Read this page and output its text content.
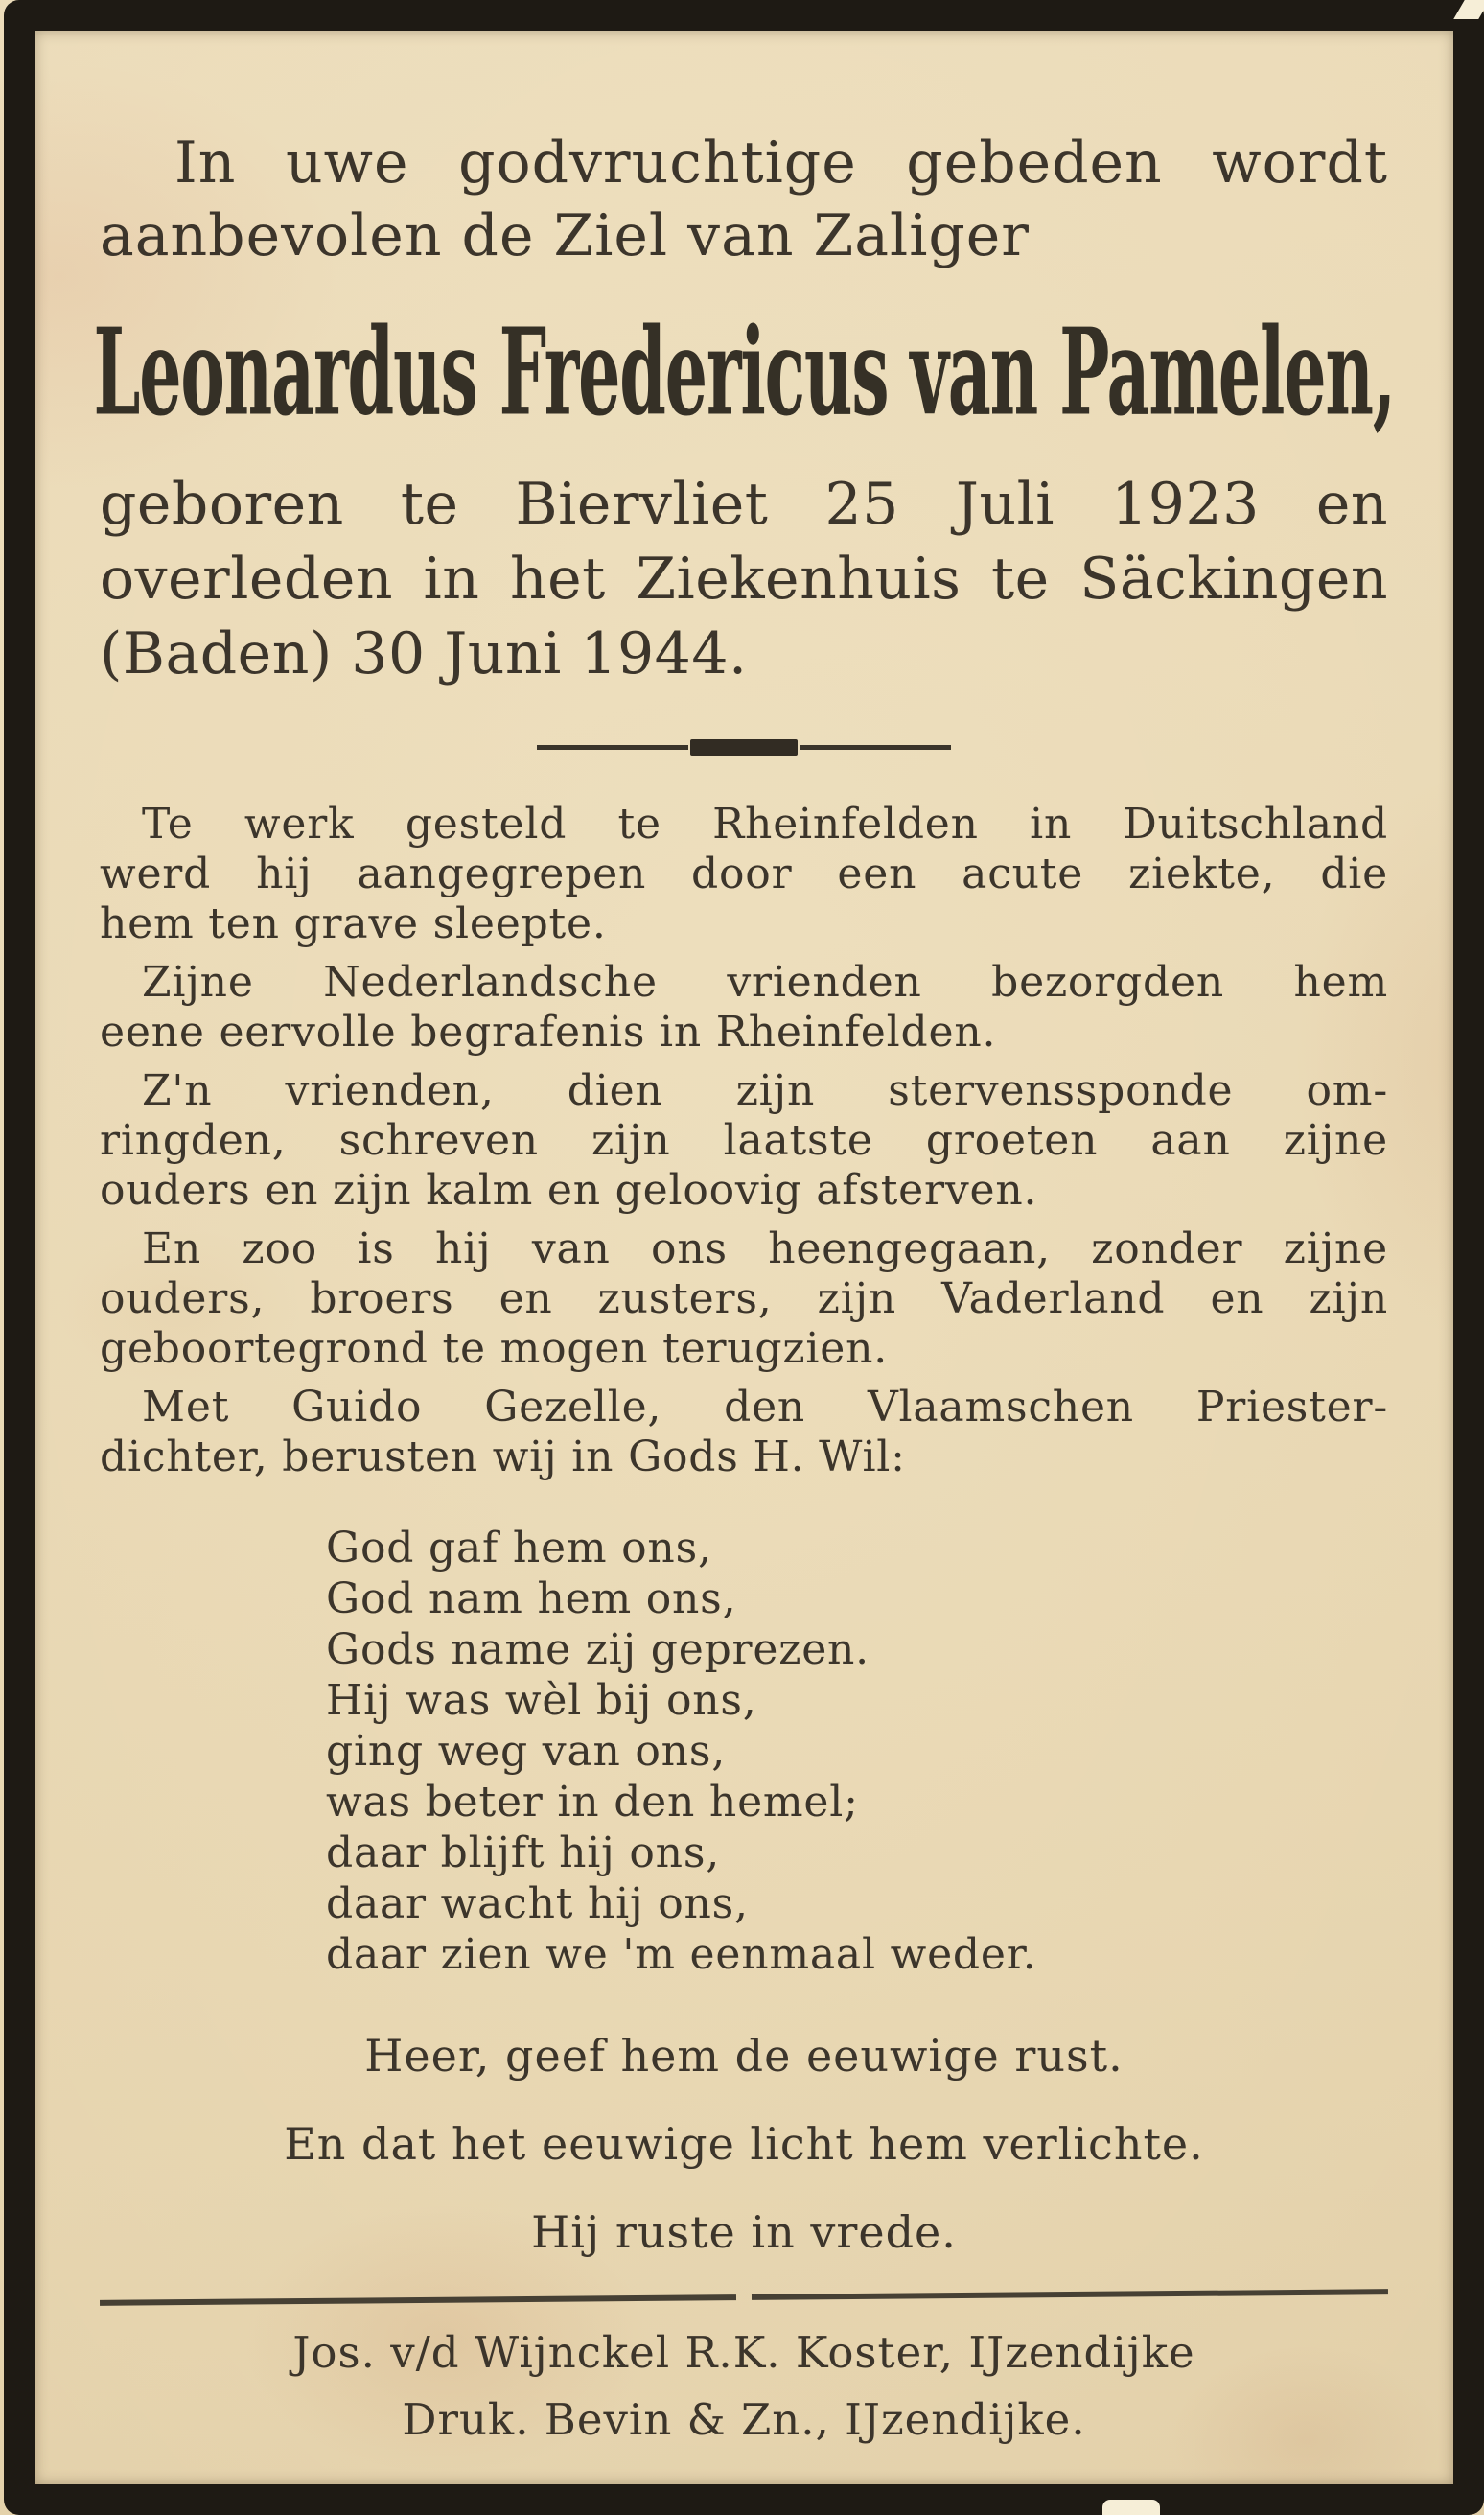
In uwe godvruchtige gebeden wordt
aanbevolen de Ziel van Zaliger
Leonardus Fredericus van Pamelen,
geboren te Biervliet 25 Juli 1923 en
overleden in het Ziekenhuis te Säckingen
(Baden) 30 Juni 1944.
Te werk gesteld te Rheinfelden in Duitschland
werd hij aangegrepen door een acute ziekte, die
hem ten grave sleepte.
Zijne Nederlandsche vrienden bezorgden hem
eene eervolle begrafenis in Rheinfelden.
Z'n vrienden, dien zijn stervenssponde om-
ringden, schreven zijn laatste groeten aan zijne
ouders en zijn kalm en geloovig afsterven.
En zoo is hij van ons heengegaan, zonder zijne
ouders, broers en zusters, zijn Vaderland en zijn
geboortegrond te mogen terugzien.
Met Guido Gezelle, den Vlaamschen Priester-
dichter, berusten wij in Gods H. Wil:
God gaf hem ons,
God nam hem ons,
Gods name zij geprezen.
Hij was wèl bij ons,
ging weg van ons,
was beter in den hemel;
daar blijft hij ons,
daar wacht hij ons,
daar zien we 'm eenmaal weder.
Heer, geef hem de eeuwige rust.
En dat het eeuwige licht hem verlichte.
Hij ruste in vrede.
Jos. v/d Wijnckel R.K. Koster, IJzendijke
Druk. Bevin & Zn., IJzendijke.
